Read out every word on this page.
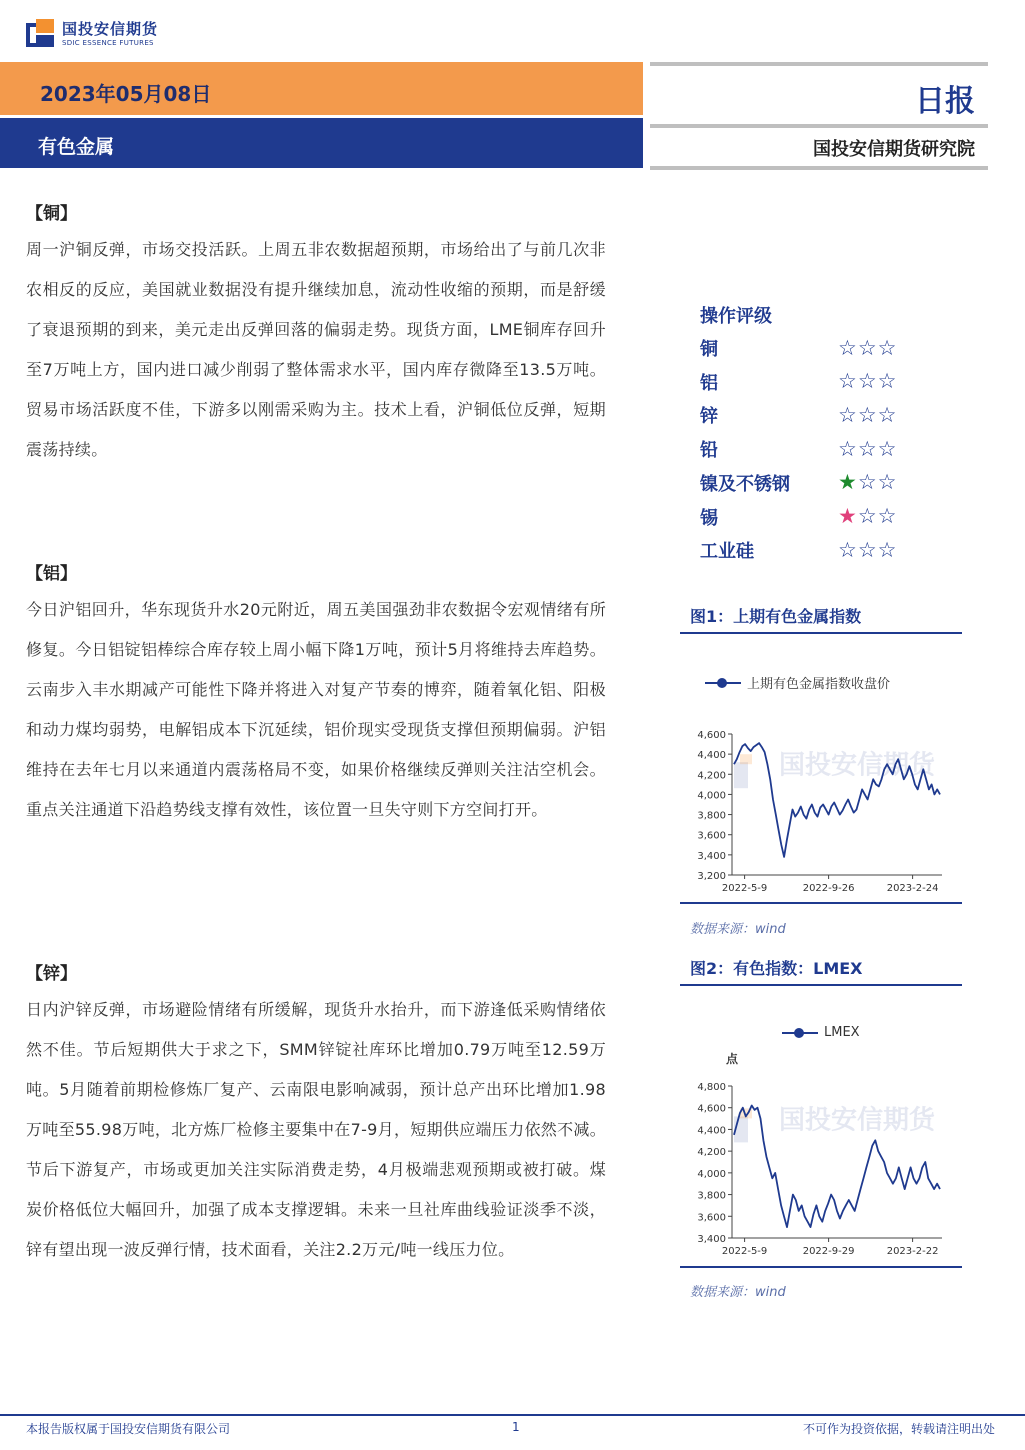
国投安信期货
SDIC ESSENCE FUTURES
2023年05月08日
有色金属
日报
国投安信期货研究院
【铜】
周一沪铜反弹，市场交投活跃。上周五非农数据超预期，市场给出了与前几次非农相反的反应，美国就业数据没有提升继续加息，流动性收缩的预期，而是舒缓了衰退预期的到来，美元走出反弹回落的偏弱走势。现货方面，LME铜库存回升至7万吨上方，国内进口减少削弱了整体需求水平，国内库存微降至13.5万吨。贸易市场活跃度不佳，下游多以刚需采购为主。技术上看，沪铜低位反弹，短期震荡持续。
【铝】
今日沪铝回升，华东现货升水20元附近，周五美国强劲非农数据令宏观情绪有所修复。今日铝锭铝棒综合库存较上周小幅下降1万吨，预计5月将维持去库趋势。云南步入丰水期减产可能性下降并将进入对复产节奏的博弈，随着氧化铝、阳极和动力煤均弱势，电解铝成本下沉延续，铝价现实受现货支撑但预期偏弱。沪铝维持在去年七月以来通道内震荡格局不变，如果价格继续反弹则关注沽空机会。重点关注通道下沿趋势线支撑有效性，该位置一旦失守则下方空间打开。
【锌】
日内沪锌反弹，市场避险情绪有所缓解，现货升水抬升，而下游逢低采购情绪依然不佳。节后短期供大于求之下，SMM锌锭社库环比增加0.79万吨至12.59万吨。5月随着前期检修炼厂复产、云南限电影响减弱，预计总产出环比增加1.98万吨至55.98万吨，北方炼厂检修主要集中在7-9月，短期供应端压力依然不减。节后下游复产，市场或更加关注实际消费走势，4月极端悲观预期或被打破。煤炭价格低位大幅回升，加强了成本支撑逻辑。未来一旦社库曲线验证淡季不淡，锌有望出现一波反弹行情，技术面看，关注2.2万元/吨一线压力位。
操作评级
铜	☆ ☆ ☆
铝	☆ ☆ ☆
锌	☆ ☆ ☆
铅	☆ ☆ ☆
镍及不锈钢	★ ☆ ☆
锡	★ ☆ ☆
工业硅	☆ ☆ ☆
图1：上期有色金属指数
上期有色金属指数收盘价
国投安信期货
4,600
4,400
4,200
4,000
3,800
3,600
3,400
3,200
2022-5-9	2022-9-26	2023-2-24
数据来源：wind
图2：有色指数：LMEX
LMEX
点
国投安信期货
4,800
4,600
4,400
4,200
4,000
3,800
3,600
3,400
2022-5-9	2022-9-29	2023-2-22
数据来源：wind
本报告版权属于国投安信期货有限公司	1	不可作为投资依据，转载请注明出处
